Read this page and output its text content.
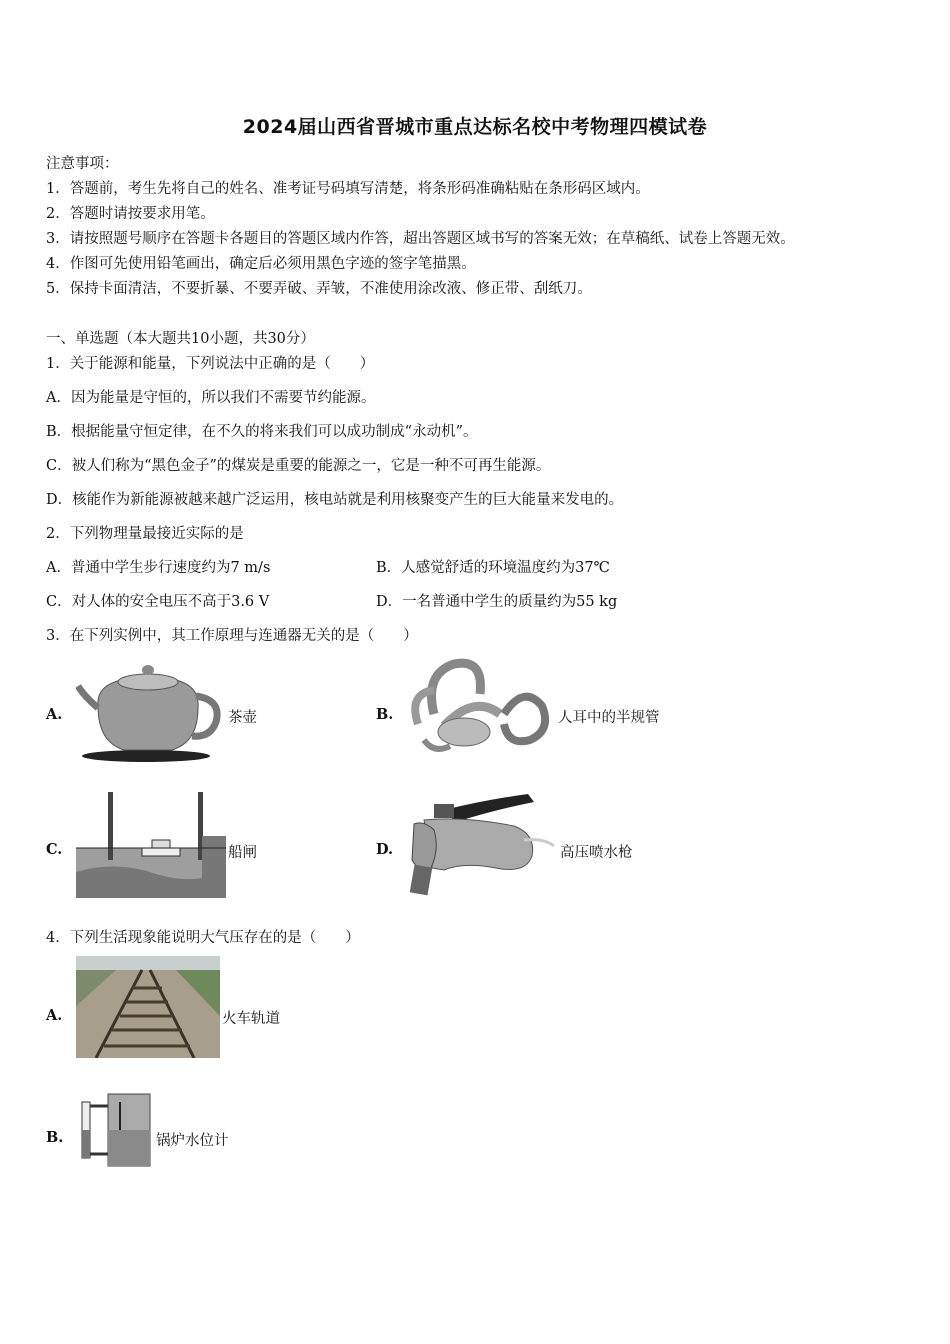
2024届山西省晋城市重点达标名校中考物理四模试卷
注意事项：
1．答题前，考生先将自己的姓名、准考证号码填写清楚，将条形码准确粘贴在条形码区域内。
2．答题时请按要求用笔。
3．请按照题号顺序在答题卡各题目的答题区域内作答，超出答题区域书写的答案无效；在草稿纸、试卷上答题无效。
4．作图可先使用铅笔画出，确定后必须用黑色字迹的签字笔描黑。
5．保持卡面清洁，不要折暴、不要弄破、弄皱，不准使用涂改液、修正带、刮纸刀。
一、单选题（本大题共10小题，共30分）
1．关于能源和能量，下列说法中正确的是（　　）
A．因为能量是守恒的，所以我们不需要节约能源。
B．根据能量守恒定律，在不久的将来我们可以成功制成“永动机”。
C．被人们称为“黑色金子”的煤炭是重要的能源之一，它是一种不可再生能源。
D．核能作为新能源被越来越广泛运用，核电站就是利用核聚变产生的巨大能量来发电的。
2．下列物理量最接近实际的是
A．普通中学生步行速度约为7 m/s	B．人感觉舒适的环境温度约为37℃
C．对人体的安全电压不高于3.6 V	D．一名普通中学生的质量约为55 kg
3．在下列实例中，其工作原理与连通器无关的是（　　）
A.	茶壶	B.	人耳中的半规管
C.	船闸	D.	高压喷水枪
4．下列生活现象能说明大气压存在的是（　　）
A.	火车轨道
B.	锅炉水位计
